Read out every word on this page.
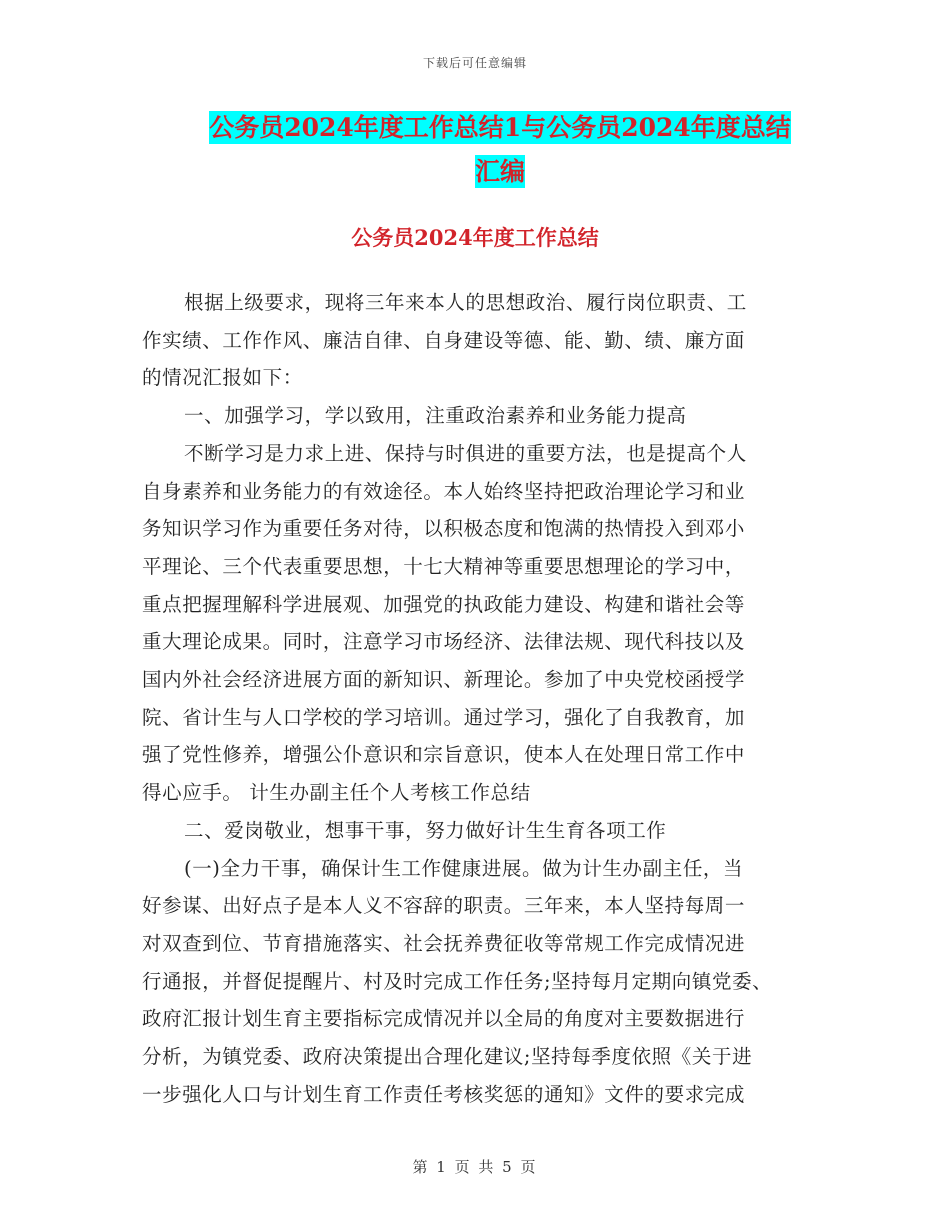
下载后可任意编辑
公务员2024年度工作总结1与公务员2024年度总结
汇编
公务员2024年度工作总结

根据上级要求，现将三年来本人的思想政治、履行岗位职责、工

作实绩、工作作风、廉洁自律、自身建设等德、能、勤、绩、廉方面

的情况汇报如下：

一、加强学习，学以致用，注重政治素养和业务能力提高

不断学习是力求上进、保持与时俱进的重要方法，也是提高个人

自身素养和业务能力的有效途径。本人始终坚持把政治理论学习和业

务知识学习作为重要任务对待，以积极态度和饱满的热情投入到邓小

平理论、三个代表重要思想，十七大精神等重要思想理论的学习中，

重点把握理解科学进展观、加强党的执政能力建设、构建和谐社会等

重大理论成果。同时，注意学习市场经济、法律法规、现代科技以及

国内外社会经济进展方面的新知识、新理论。参加了中央党校函授学

院、省计生与人口学校的学习培训。通过学习，强化了自我教育，加

强了党性修养，增强公仆意识和宗旨意识，使本人在处理日常工作中

得心应手。 计生办副主任个人考核工作总结

二、爱岗敬业，想事干事，努力做好计生生育各项工作

(一)全力干事，确保计生工作健康进展。做为计生办副主任，当

好参谋、出好点子是本人义不容辞的职责。三年来，本人坚持每周一

对双查到位、节育措施落实、社会抚养费征收等常规工作完成情况进

行通报，并督促提醒片、村及时完成工作任务;坚持每月定期向镇党委、

政府汇报计划生育主要指标完成情况并以全局的角度对主要数据进行

分析，为镇党委、政府决策提出合理化建议;坚持每季度依照《关于进

一步强化人口与计划生育工作责任考核奖惩的通知》文件的要求完成

第 1 页 共 5 页
